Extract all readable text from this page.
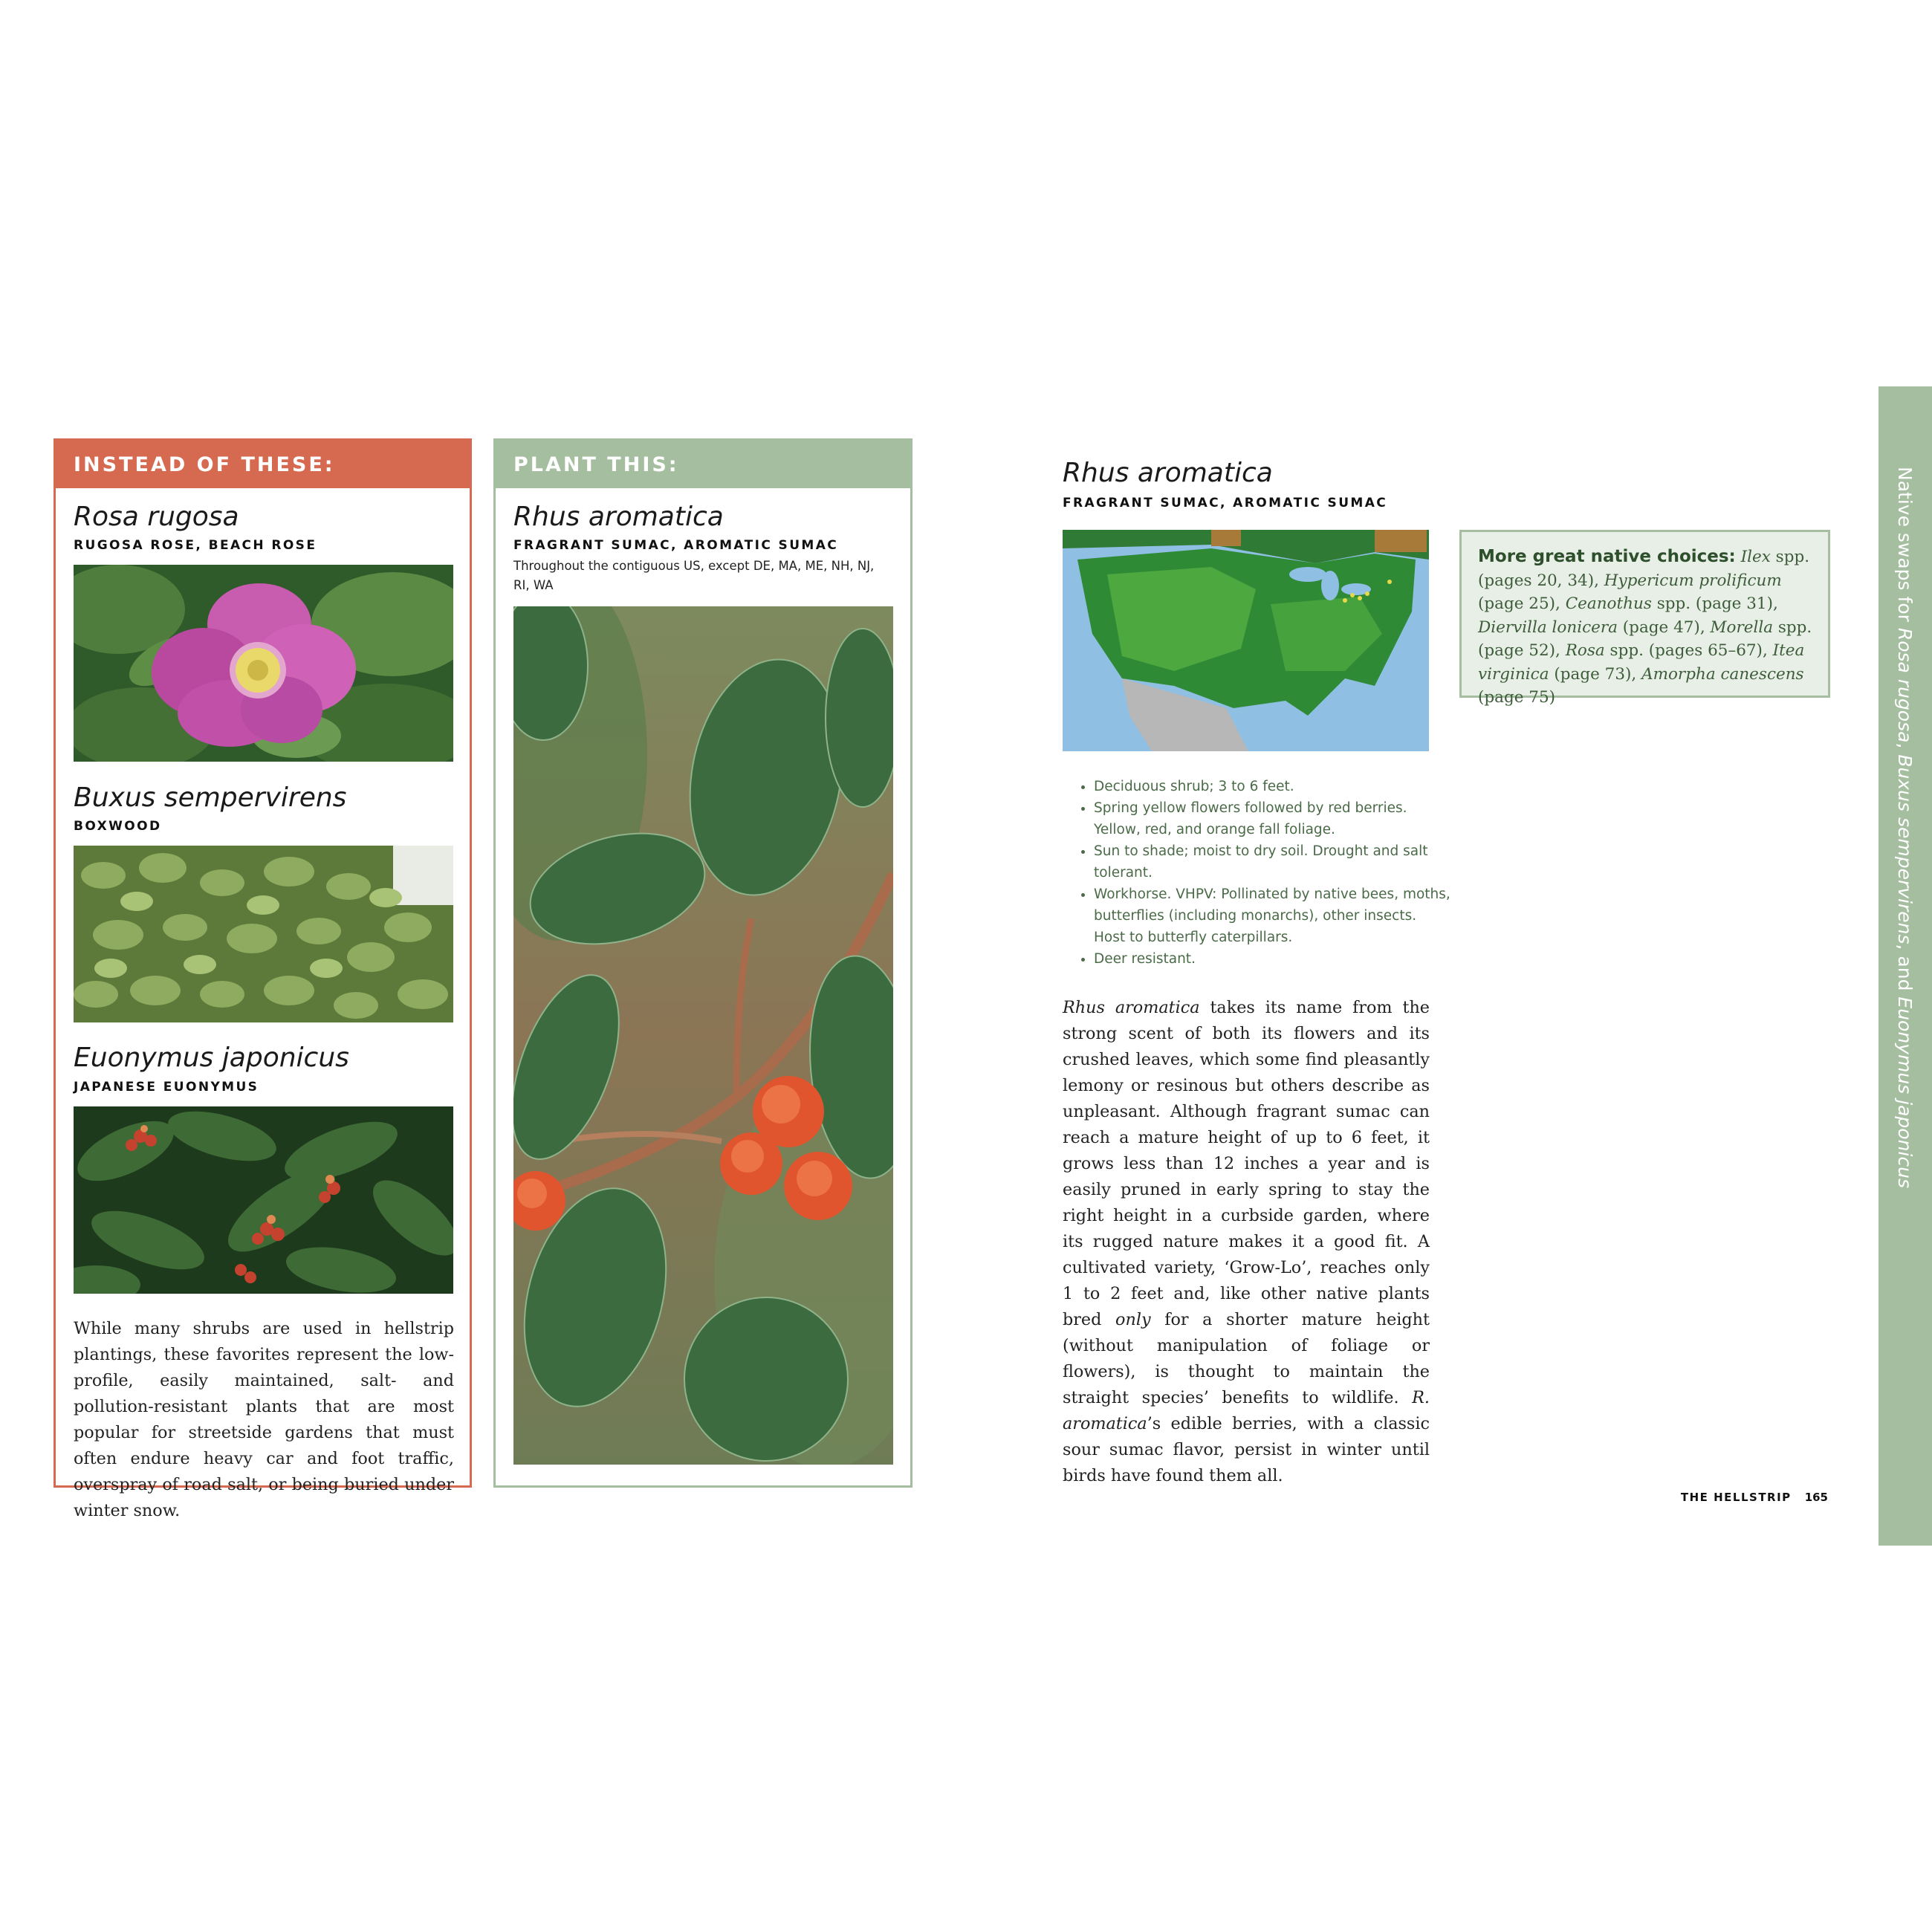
INSTEAD OF THESE:
Rosa rugosa
RUGOSA ROSE, BEACH ROSE
Buxus sempervirens
BOXWOOD
Euonymus japonicus
JAPANESE EUONYMUS
While many shrubs are used in hellstrip plantings, these favorites represent the low-profile, easily maintained, salt- and pollution-resistant plants that are most popular for streetside gardens that must often endure heavy car and foot traffic, overspray of road salt, or being buried under winter snow.
PLANT THIS:
Rhus aromatica
FRAGRANT SUMAC, AROMATIC SUMAC
Throughout the contiguous US, except DE, MA, ME, NH, NJ, RI, WA
Rhus aromatica
FRAGRANT SUMAC, AROMATIC SUMAC
• Deciduous shrub; 3 to 6 feet.
• Spring yellow flowers followed by red berries. Yellow, red, and orange fall foliage.
• Sun to shade; moist to dry soil. Drought and salt tolerant.
• Workhorse. VHPV: Pollinated by native bees, moths, butterflies (including monarchs), other insects. Host to butterfly caterpillars.
• Deer resistant.
Rhus aromatica takes its name from the strong scent of both its flowers and its crushed leaves, which some find pleasantly lemony or resinous but others describe as unpleasant. Although fragrant sumac can reach a mature height of up to 6 feet, it grows less than 12 inches a year and is easily pruned in early spring to stay the right height in a curbside garden, where its rugged nature makes it a good fit. A cultivated variety, ‘Grow-Lo’, reaches only 1 to 2 feet and, like other native plants bred only for a shorter mature height (without manipulation of foliage or flowers), is thought to maintain the straight species’ benefits to wildlife. R. aromatica’s edible berries, with a classic sour sumac flavor, persist in winter until birds have found them all.
More great native choices: Ilex spp. (pages 20, 34), Hypericum prolificum (page 25), Ceanothus spp. (page 31), Diervilla lonicera (page 47), Morella spp. (page 52), Rosa spp. (pages 65–67), Itea virginica (page 73), Amorpha canescens (page 75)
THE HELLSTRIP 165
Native swaps for Rosa rugosa, Buxus sempervirens, and Euonymus japonicus
